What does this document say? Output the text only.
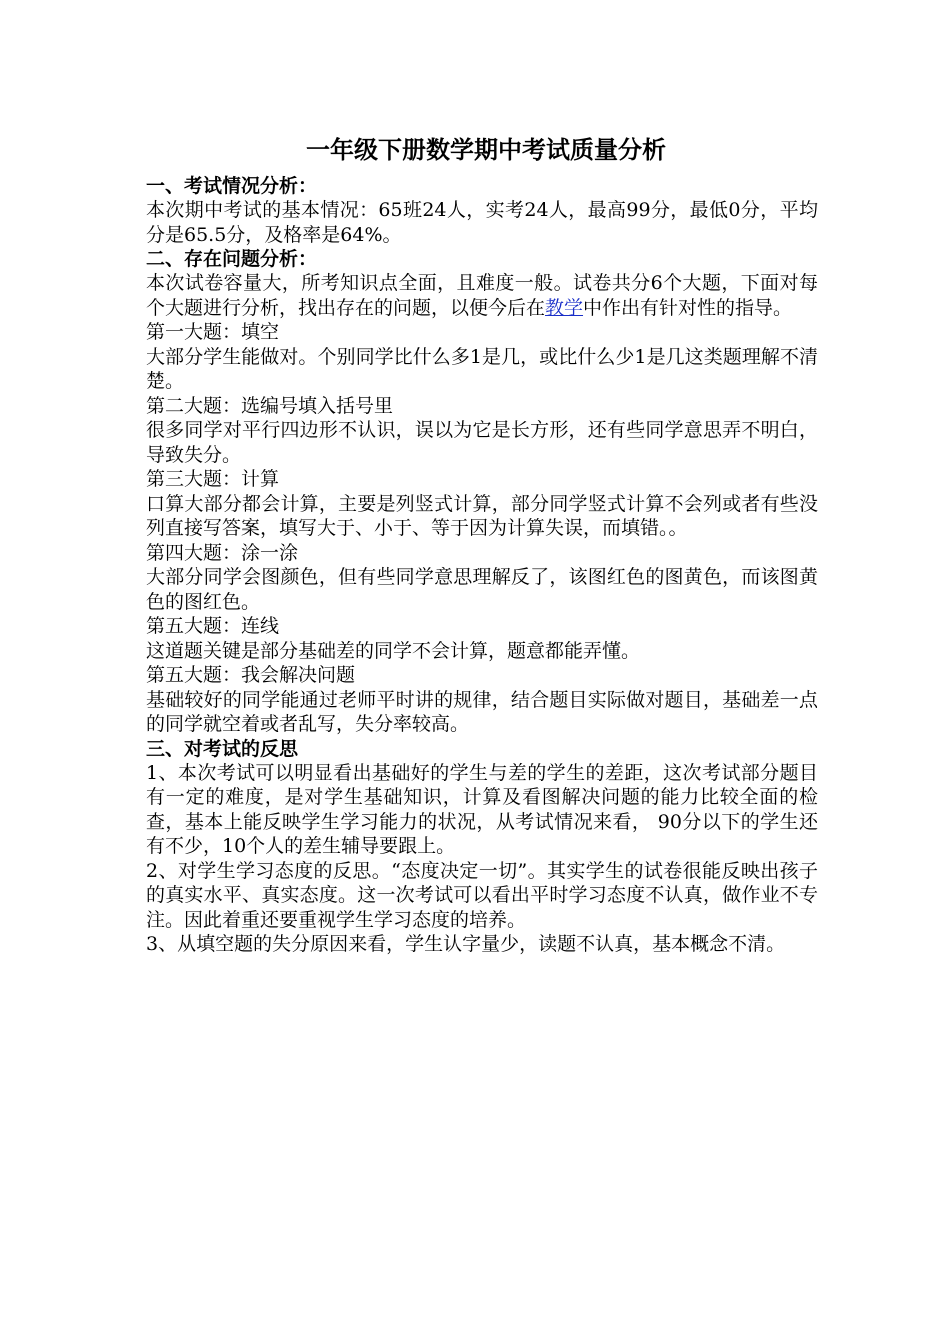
一年级下册数学期中考试质量分析

一、考试情况分析：

本次期中考试的基本情况：65班24人，实考24人，最高99分，最低0分，平均分是65.5分，及格率是64%。

二、存在问题分析：

本次试卷容量大，所考知识点全面，且难度一般。试卷共分6个大题，下面对每个大题进行分析，找出存在的问题，以便今后在教学中作出有针对性的指导。

第一大题：填空

大部分学生能做对。个别同学比什么多1是几，或比什么少1是几这类题理解不清楚。

第二大题：选编号填入括号里

很多同学对平行四边形不认识，误以为它是长方形，还有些同学意思弄不明白，导致失分。

第三大题：计算

口算大部分都会计算，主要是列竖式计算，部分同学竖式计算不会列或者有些没列直接写答案，填写大于、小于、等于因为计算失误，而填错。。

第四大题：涂一涂

大部分同学会图颜色，但有些同学意思理解反了，该图红色的图黄色，而该图黄色的图红色。

第五大题：连线

这道题关键是部分基础差的同学不会计算，题意都能弄懂。

第五大题：我会解决问题

基础较好的同学能通过老师平时讲的规律，结合题目实际做对题目，基础差一点的同学就空着或者乱写，失分率较高。

三、对考试的反思

1、本次考试可以明显看出基础好的学生与差的学生的差距，这次考试部分题目有一定的难度，是对学生基础知识，计算及看图解决问题的能力比较全面的检查，基本上能反映学生学习能力的状况，从考试情况来看， 90分以下的学生还有不少，10个人的差生辅导要跟上。

2、对学生学习态度的反思。“态度决定一切”。其实学生的试卷很能反映出孩子的真实水平、真实态度。这一次考试可以看出平时学习态度不认真，做作业不专注。因此着重还要重视学生学习态度的培养。

3、从填空题的失分原因来看，学生认字量少，读题不认真，基本概念不清。
